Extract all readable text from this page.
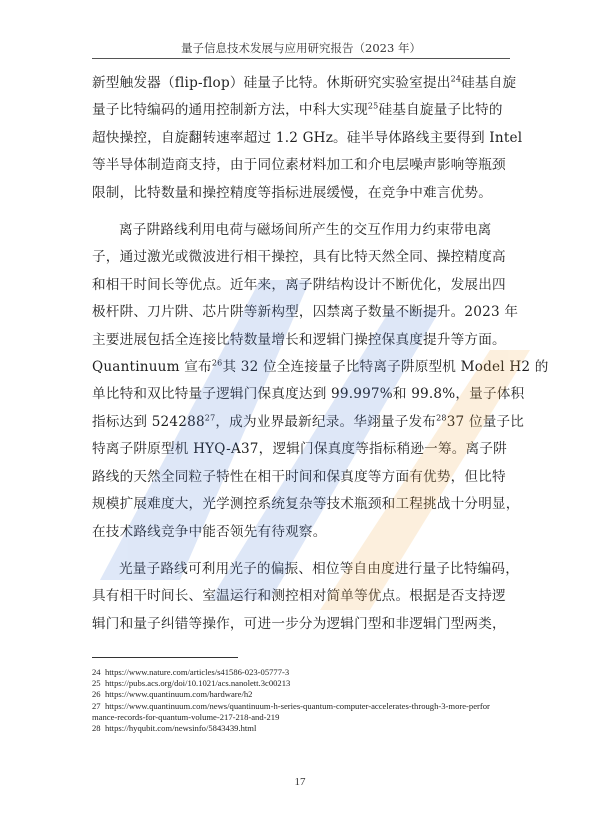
量子信息技术发展与应用研究报告（2023 年）
新型触发器（flip-flop）硅量子比特。休斯研究实验室提出$^{24}$硅基自旋
量子比特编码的通用控制新方法，中科大实现$^{25}$硅基自旋量子比特的
超快操控，自旋翻转速率超过 1.2 GHz。硅半导体路线主要得到 Intel
等半导体制造商支持，由于同位素材料加工和介电层噪声影响等瓶颈
限制，比特数量和操控精度等指标进展缓慢，在竞争中难言优势。
离子阱路线利用电荷与磁场间所产生的交互作用力约束带电离
子，通过激光或微波进行相干操控，具有比特天然全同、操控精度高
和相干时间长等优点。近年来，离子阱结构设计不断优化，发展出四
极杆阱、刀片阱、芯片阱等新构型，囚禁离子数量不断提升。2023 年
主要进展包括全连接比特数量增长和逻辑门操控保真度提升等方面。
Quantinuum 宣布$^{26}$其 32 位全连接量子比特离子阱原型机 Model H2 的
单比特和双比特量子逻辑门保真度达到 99.997%和 99.8%，量子体积
指标达到 524288$^{27}$，成为业界最新纪录。华翊量子发布$^{28}$37 位量子比
特离子阱原型机 HYQ-A37，逻辑门保真度等指标稍逊一筹。离子阱
路线的天然全同粒子特性在相干时间和保真度等方面有优势，但比特
规模扩展难度大，光学测控系统复杂等技术瓶颈和工程挑战十分明显，
在技术路线竞争中能否领先有待观察。
光量子路线可利用光子的偏振、相位等自由度进行量子比特编码，
具有相干时间长、室温运行和测控相对简单等优点。根据是否支持逻
辑门和量子纠错等操作，可进一步分为逻辑门型和非逻辑门型两类，
24 https://www.nature.com/articles/s41586-023-05777-3
25 https://pubs.acs.org/doi/10.1021/acs.nanolett.3c00213
26 https://www.quantinuum.com/hardware/h2
27 https://www.quantinuum.com/news/quantinuum-h-series-quantum-computer-accelerates-through-3-more-perfor
mance-records-for-quantum-volume-217-218-and-219
28 https://hyqubit.com/newsinfo/5843439.html
17
